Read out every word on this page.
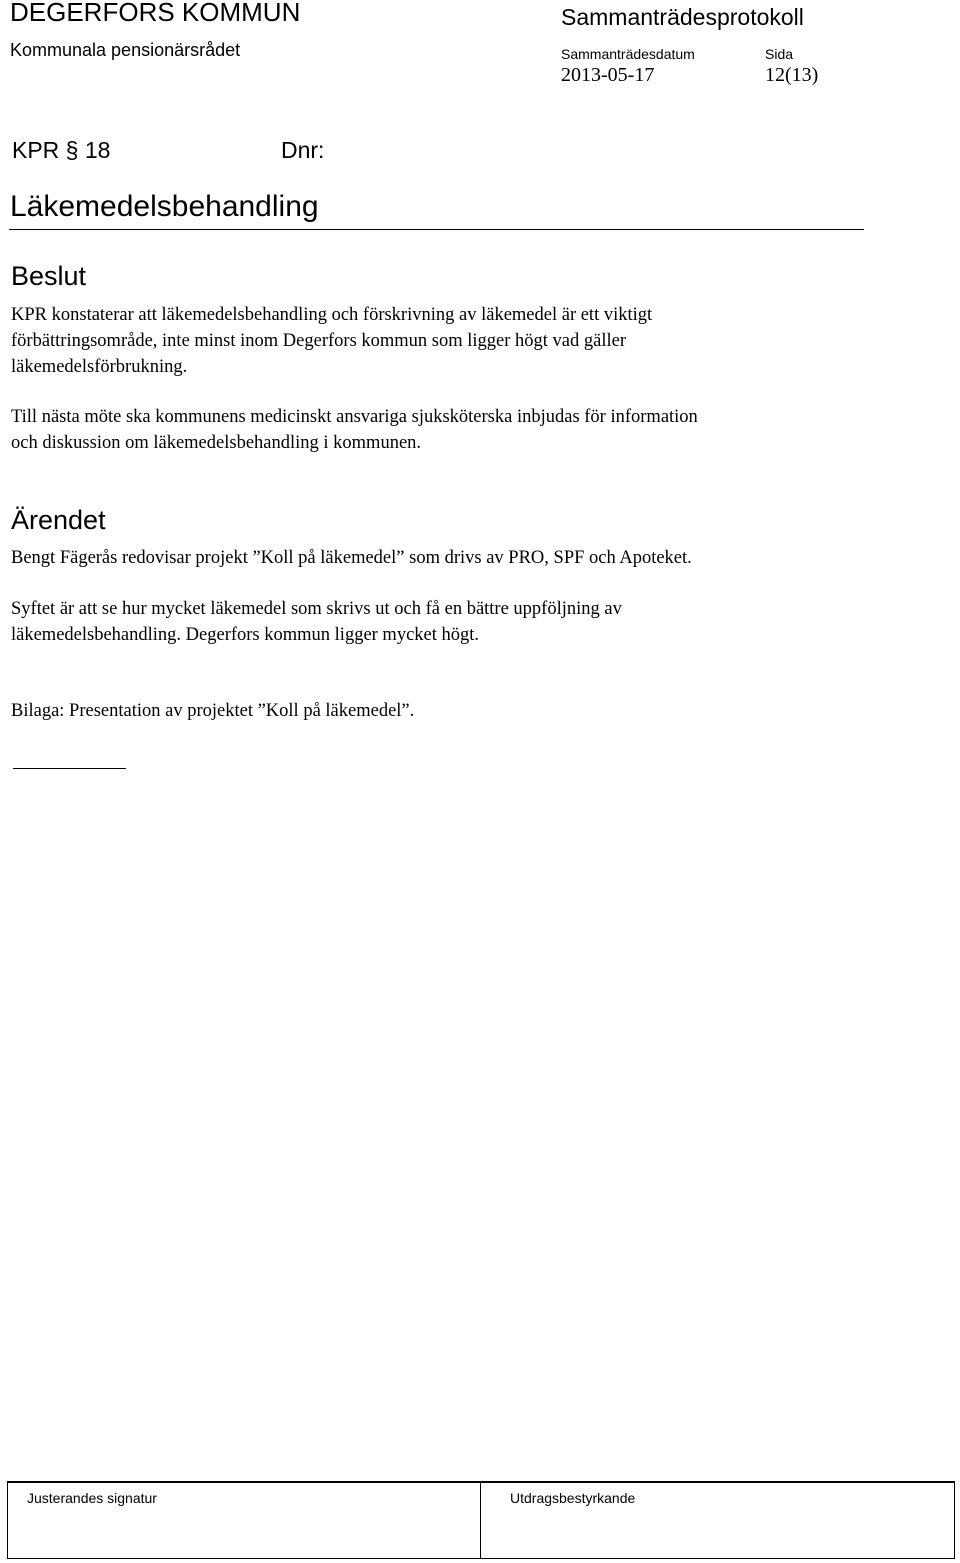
DEGERFORS KOMMUN
Kommunala pensionärsrådet
Sammanträdesprotokoll
Sammanträdesdatum	Sida
2013-05-17	12(13)
KPR § 18	Dnr:
Läkemedelsbehandling
Beslut
KPR konstaterar att läkemedelsbehandling och förskrivning av läkemedel är ett viktigt
förbättringsområde, inte minst inom Degerfors kommun som ligger högt vad gäller
läkemedelsförbrukning.
Till nästa möte ska kommunens medicinskt ansvariga sjuksköterska inbjudas för information
och diskussion om läkemedelsbehandling i kommunen.
Ärendet
Bengt Fägerås redovisar projekt ”Koll på läkemedel” som drivs av PRO, SPF och Apoteket.
Syftet är att se hur mycket läkemedel som skrivs ut och få en bättre uppföljning av
läkemedelsbehandling. Degerfors kommun ligger mycket högt.
Bilaga: Presentation av projektet ”Koll på läkemedel”.
Justerandes signatur	Utdragsbestyrkande
